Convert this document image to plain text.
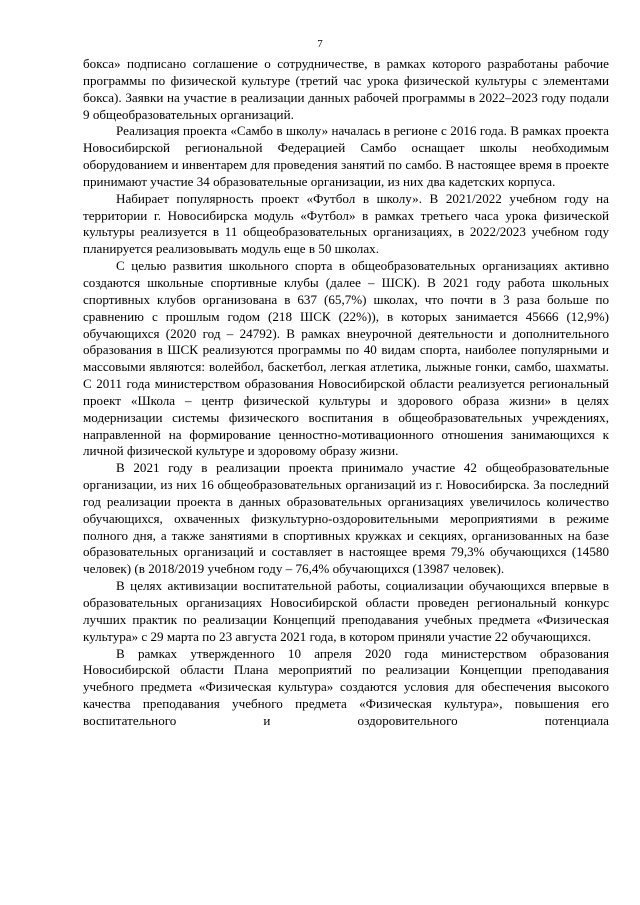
7

бокса» подписано соглашение о сотрудничестве, в рамках которого разработаны рабочие программы по физической культуре (третий час урока физической культуры с элементами бокса). Заявки на участие в реализации данных рабочей программы в 2022–2023 году подали 9 общеобразовательных организаций.

Реализация проекта «Самбо в школу» началась в регионе с 2016 года. В рамках проекта Новосибирской региональной Федерацией Самбо оснащает школы необходимым оборудованием и инвентарем для проведения занятий по самбо. В настоящее время в проекте принимают участие 34 образовательные организации, из них два кадетских корпуса.

Набирает популярность проект «Футбол в школу». В 2021/2022 учебном году на территории г. Новосибирска модуль «Футбол» в рамках третьего часа урока физической культуры реализуется в 11 общеобразовательных организациях, в 2022/2023 учебном году планируется реализовывать модуль еще в 50 школах.

С целью развития школьного спорта в общеобразовательных организациях активно создаются школьные спортивные клубы (далее – ШСК). В 2021 году работа школьных спортивных клубов организована в 637 (65,7%) школах, что почти в 3 раза больше по сравнению с прошлым годом (218 ШСК (22%)), в которых занимается 45666 (12,9%) обучающихся (2020 год – 24792). В рамках внеурочной деятельности и дополнительного образования в ШСК реализуются программы по 40 видам спорта, наиболее популярными и массовыми являются: волейбол, баскетбол, легкая атлетика, лыжные гонки, самбо, шахматы. С 2011 года министерством образования Новосибирской области реализуется региональный проект «Школа – центр физической культуры и здорового образа жизни» в целях модернизации системы физического воспитания в общеобразовательных учреждениях, направленной на формирование ценностно-мотивационного отношения занимающихся к личной физической культуре и здоровому образу жизни.

В 2021 году в реализации проекта принимало участие 42 общеобразовательные организации, из них 16 общеобразовательных организаций из г. Новосибирска. За последний год реализации проекта в данных образовательных организациях увеличилось количество обучающихся, охваченных физкультурно-оздоровительными мероприятиями в режиме полного дня, а также занятиями в спортивных кружках и секциях, организованных на базе образовательных организаций и составляет в настоящее время 79,3% обучающихся (14580 человек) (в 2018/2019 учебном году – 76,4% обучающихся (13987 человек).

В целях активизации воспитательной работы, социализации обучающихся впервые в образовательных организациях Новосибирской области проведен региональный конкурс лучших практик по реализации Концепций преподавания учебных предмета «Физическая культура» с 29 марта по 23 августа 2021 года, в котором приняли участие 22 обучающихся.

В рамках утвержденного 10 апреля 2020 года министерством образования Новосибирской области Плана мероприятий по реализации Концепции преподавания учебного предмета «Физическая культура» создаются условия для обеспечения высокого качества преподавания учебного предмета «Физическая культура», повышения его воспитательного и оздоровительного потенциала
